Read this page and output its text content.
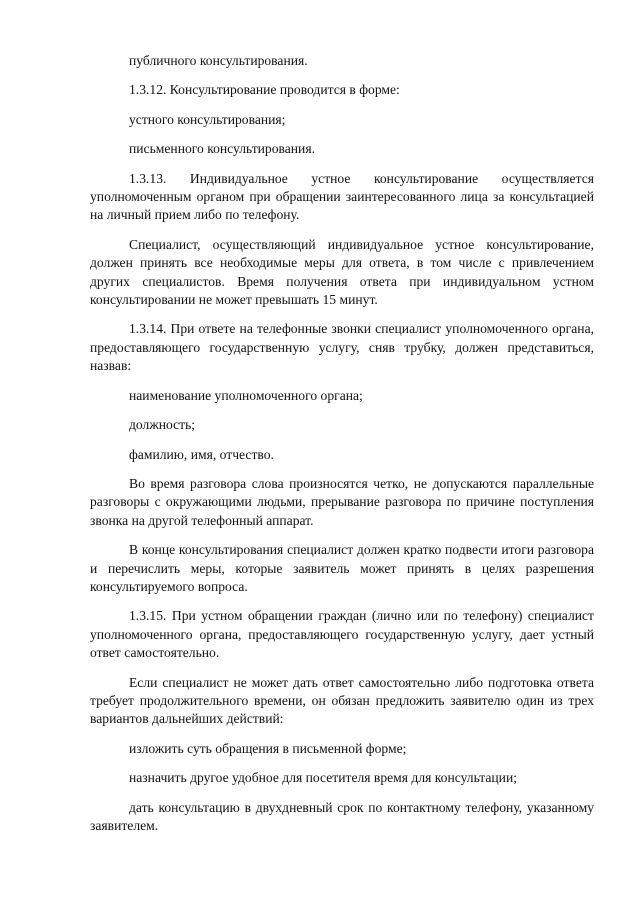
публичного консультирования.

1.3.12. Консультирование проводится в форме:

устного консультирования;

письменного консультирования.

1.3.13. Индивидуальное устное консультирование осуществляется уполномоченным органом при обращении заинтересованного лица за консультацией на личный прием либо по телефону.

Специалист, осуществляющий индивидуальное устное консультирование, должен принять все необходимые меры для ответа, в том числе с привлечением других специалистов. Время получения ответа при индивидуальном устном консультировании не может превышать 15 минут.

1.3.14. При ответе на телефонные звонки специалист уполномоченного органа, предоставляющего государственную услугу, сняв трубку, должен представиться, назвав:

наименование уполномоченного органа;

должность;

фамилию, имя, отчество.

Во время разговора слова произносятся четко, не допускаются параллельные разговоры с окружающими людьми, прерывание разговора по причине поступления звонка на другой телефонный аппарат.

В конце консультирования специалист должен кратко подвести итоги разговора и перечислить меры, которые заявитель может принять в целях разрешения консультируемого вопроса.

1.3.15. При устном обращении граждан (лично или по телефону) специалист уполномоченного органа, предоставляющего государственную услугу, дает устный ответ самостоятельно.

Если специалист не может дать ответ самостоятельно либо подготовка ответа требует продолжительного времени, он обязан предложить заявителю один из трех вариантов дальнейших действий:

изложить суть обращения в письменной форме;

назначить другое удобное для посетителя время для консультации;

дать консультацию в двухдневный срок по контактному телефону, указанному заявителем.
